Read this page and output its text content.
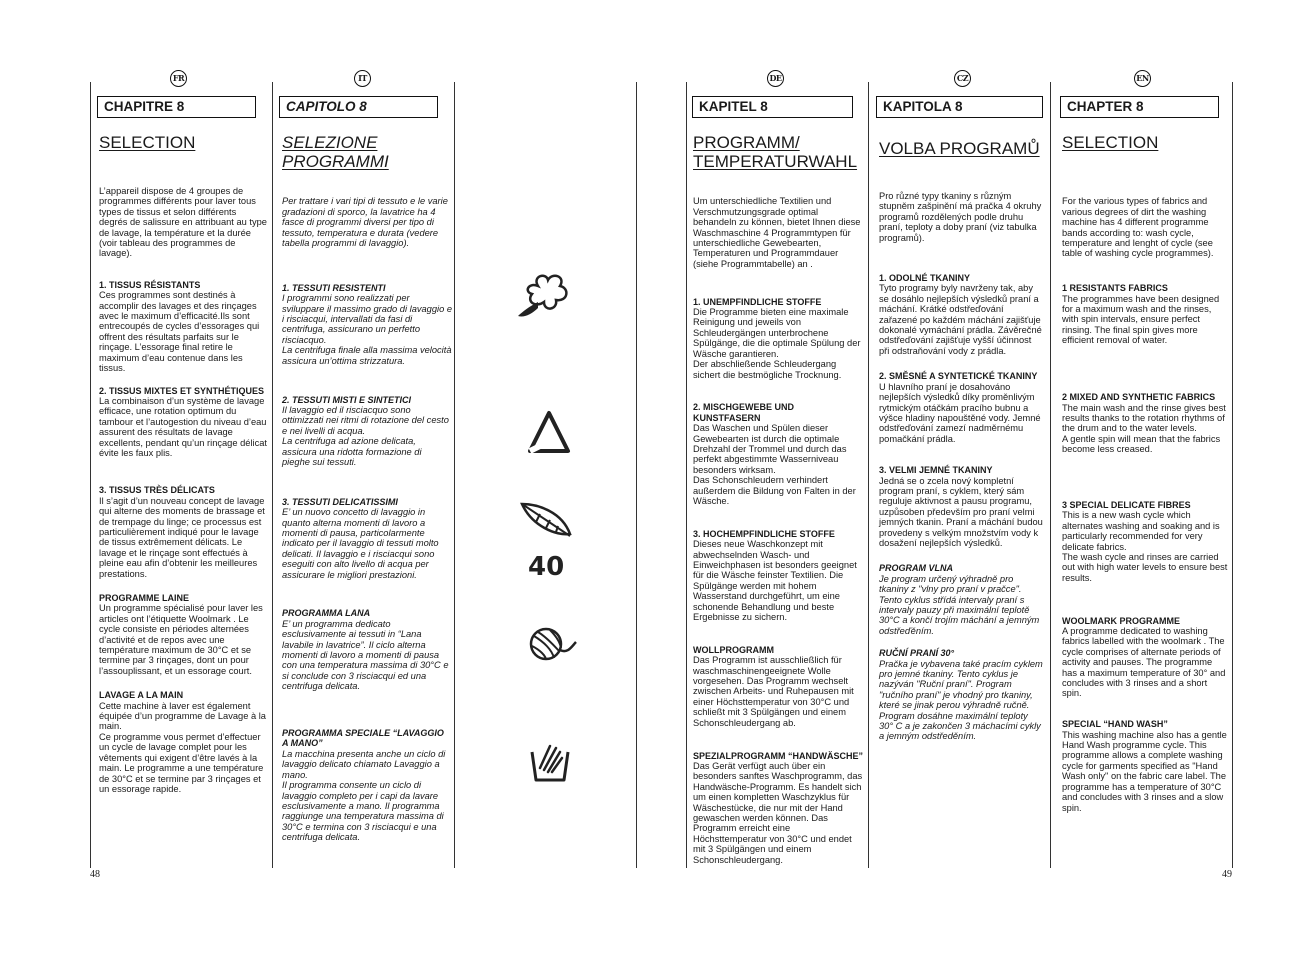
FR
CHAPITRE 8
SELECTION

L’appareil dispose de 4 groupes de programmes différents pour laver tous types de tissus et selon différents degrés de salissure en attribuant au type de lavage, la température et la durée (voir tableau des programmes de lavage).

1. TISSUS RÉSISTANTS
Ces programmes sont destinés à accomplir des lavages et des rinçages avec le maximum d’efficacité.Ils sont entrecoupés de cycles d’essorages qui offrent des résultats parfaits sur le rinçage. L’essorage final retire le maximum d’eau contenue dans les tissus.

2. TISSUS MIXTES ET SYNTHÉTIQUES
La combinaison d’un système de lavage efficace, une rotation optimum du tambour et l’autogestion du niveau d’eau assurent des résultats de lavage excellents, pendant qu’un rinçage délicat évite les faux plis.

3. TISSUS TRÈS DÉLICATS
Il s’agit d’un nouveau concept de lavage qui alterne des moments de brassage et de trempage du linge; ce processus est particulièrement indiqué pour le lavage de tissus extrêmement délicats. Le lavage et le rinçage sont effectués à pleine eau afin d’obtenir les meilleures prestations.

PROGRAMME LAINE
Un programme spécialisé pour laver les articles ont l’étiquette Woolmark . Le cycle consiste en périodes alternées d’activité et de repos avec une température maximum de 30°C et se termine par 3 rinçages, dont un pour l’assouplissant, et un essorage court.

LAVAGE A LA MAIN
Cette machine à laver est également équipée d’un programme de Lavage à la main.
Ce programme vous permet d’effectuer un cycle de lavage complet pour les vêtements qui exigent d’être lavés à la main. Le programme a une température de 30°C et se termine par 3 rinçages et un essorage rapide.

IT
CAPITOLO 8
SELEZIONE PROGRAMMI

Per trattare i vari tipi di tessuto e le varie gradazioni di sporco, la lavatrice ha 4 fasce di programmi diversi per tipo di tessuto, temperatura e durata (vedere tabella programmi di lavaggio).

1. TESSUTI RESISTENTI
I programmi sono realizzati per sviluppare il massimo grado di lavaggio e i risciacqui, intervallati da fasi di centrifuga, assicurano un perfetto risciacquo.
La centrifuga finale alla massima velocità assicura un’ottima strizzatura.

2. TESSUTI MISTI E SINTETICI
Il lavaggio ed il risciacquo sono ottimizzati nei ritmi di rotazione del cesto e nei livelli di acqua.
La centrifuga ad azione delicata, assicura una ridotta formazione di pieghe sui tessuti.

3. TESSUTI DELICATISSIMI
E’ un nuovo concetto di lavaggio in quanto alterna momenti di lavoro a momenti di pausa, particolarmente indicato per il lavaggio di tessuti molto delicati. Il lavaggio e i risciacqui sono eseguiti con alto livello di acqua per assicurare le migliori prestazioni.

PROGRAMMA LANA
E’ un programma dedicato esclusivamente ai tessuti in “Lana lavabile in lavatrice”. Il ciclo alterna momenti di lavoro a momenti di pausa con una temperatura massima di 30°C e si conclude con 3 risciacqui ed una centrifuga delicata.

PROGRAMMA SPECIALE “LAVAGGIO A MANO”
La macchina presenta anche un ciclo di lavaggio delicato chiamato Lavaggio a mano.
Il programma consente un ciclo di lavaggio completo per i capi da lavare esclusivamente a mano. Il programma raggiunge una temperatura massima di 30°C e termina con 3 risciacqui e una centrifuga delicata.

40
DE
KAPITEL 8
PROGRAMM/ TEMPERATURWAHL

Um unterschiedliche Textilien und Verschmutzungsgrade optimal behandeln zu können, bietet Ihnen diese Waschmaschine 4 Programmtypen für unterschiedliche Gewebearten, Temperaturen und Programmdauer (siehe Programmtabelle) an .

1. UNEMPFINDLICHE STOFFE
Die Programme bieten eine maximale Reinigung und jeweils von Schleudergängen unterbrochene Spülgänge, die die optimale Spülung der Wäsche garantieren.
Der abschließende Schleudergang sichert die bestmögliche Trocknung.

2. MISCHGEWEBE UND KUNSTFASERN
Das Waschen und Spülen dieser Gewebearten ist durch die optimale Drehzahl der Trommel und durch das perfekt abgestimmte Wasserniveau besonders wirksam.
Das Schonschleudern verhindert außerdem die Bildung von Falten in der Wäsche.

3. HOCHEMPFINDLICHE STOFFE
Dieses neue Waschkonzept mit abwechselnden Wasch- und Einweichphasen ist besonders geeignet für die Wäsche feinster Textilien. Die Spülgänge werden mit hohem Wasserstand durchgeführt, um eine schonende Behandlung und beste Ergebnisse zu sichern.

WOLLPROGRAMM
Das Programm ist ausschließlich für waschmaschinengeeignete Wolle vorgesehen. Das Programm wechselt zwischen Arbeits- und Ruhepausen mit einer Höchsttemperatur von 30°C und schließt mit 3 Spülgängen und einem Schonschleudergang ab.

SPEZIALPROGRAMM “HANDWÄSCHE”
Das Gerät verfügt auch über ein besonders sanftes Waschprogramm, das Handwäsche-Programm. Es handelt sich um einen kompletten Waschzyklus für Wäschestücke, die nur mit der Hand gewaschen werden können. Das Programm erreicht eine Höchsttemperatur von 30°C und endet mit 3 Spülgängen und einem Schonschleudergang.

CZ
KAPITOLA 8
VOLBA PROGRAMŮ

Pro různé typy tkaniny s různým stupněm zašpinění má pračka 4 okruhy programů rozdělených podle druhu praní, teploty a doby praní (viz tabulka programů).

1. ODOLNÉ TKANINY
Tyto programy byly navrženy tak, aby se dosáhlo nejlepších výsledků praní a máchání. Krátké odstřeďování zařazené po každém máchání zajišťuje dokonalé vymáchání prádla. Závěrečné odstřeďování zajišťuje vyšší účinnost při odstraňování vody z prádla.

2. SMĚSNÉ A SYNTETICKÉ TKANINY
U hlavního praní je dosahováno nejlepších výsledků díky proměnlivým rytmickým otáčkám pracího bubnu a výšce hladiny napouštěné vody. Jemné odstřeďování zamezí nadměrnému pomačkání prádla.

3. VELMI JEMNÉ TKANINY
Jedná se o zcela nový kompletní program praní, s cyklem, který sám reguluje aktivnost a pausu programu, uzpůsoben především pro praní velmi jemných tkanin. Praní a máchání budou provedeny s velkým množstvím vody k dosažení nejlepších výsledků.

PROGRAM VLNA
Je program určený výhradně pro tkaniny z "vlny pro praní v pračce". Tento cyklus střídá intervaly praní s intervaly pauzy při maximální teplotě 30°C a končí trojím máchání a jemným odstřeďěním.

RUČNÍ PRANÍ 30°
Pračka je vybavena také pracím cyklem pro jemné tkaniny. Tento cyklus je nazýván "Ruční praní". Program "ručního praní" je vhodný pro tkaniny, které se jinak perou výhradně ručně. Program dosáhne maximální teploty 30° C a je zakončen 3 máchacími cykly a jemným odstředěním.

EN
CHAPTER 8
SELECTION

For the various types of fabrics and various degrees of dirt the washing machine has 4 different programme bands according to: wash cycle, temperature and lenght of cycle (see table of washing cycle programmes).

1 RESISTANTS FABRICS
The programmes have been designed for a maximum wash and the rinses, with spin intervals, ensure perfect rinsing. The final spin gives more efficient removal of water.

2 MIXED AND SYNTHETIC FABRICS
The main wash and the rinse gives best results thanks to the rotation rhythms of the drum and to the water levels.
A gentle spin will mean that the fabrics become less creased.

3 SPECIAL DELICATE FIBRES
This is a new wash cycle which alternates washing and soaking and is particularly recommended for very delicate fabrics.
The wash cycle and rinses are carried out with high water levels to ensure best results.

WOOLMARK PROGRAMME
A programme dedicated to washing fabrics labelled with the woolmark . The cycle comprises of alternate periods of activity and pauses. The programme has a maximum temperature of 30° and concludes with 3 rinses and a short spin.

SPECIAL “HAND WASH”
This washing machine also has a gentle Hand Wash programme cycle. This programme allows a complete washing cycle for garments specified as "Hand Wash only" on the fabric care label. The programme has a temperature of 30°C and concludes with 3 rinses and a slow spin.

48	49
